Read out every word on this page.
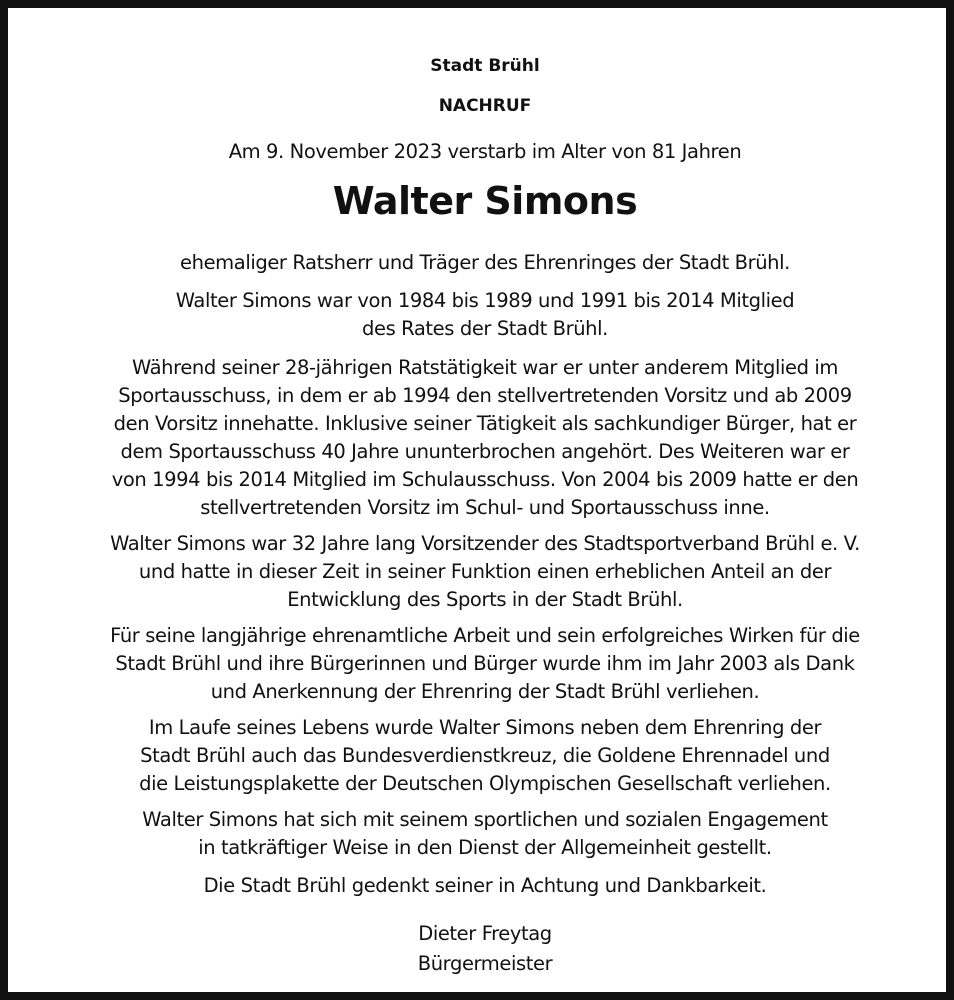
Stadt Brühl
NACHRUF
Am 9. November 2023 verstarb im Alter von 81 Jahren
Walter Simons
ehemaliger Ratsherr und Träger des Ehrenringes der Stadt Brühl.
Walter Simons war von 1984 bis 1989 und 1991 bis 2014 Mitglied
des Rates der Stadt Brühl.
Während seiner 28-jährigen Ratstätigkeit war er unter anderem Mitglied im
Sportausschuss, in dem er ab 1994 den stellvertretenden Vorsitz und ab 2009
den Vorsitz innehatte. Inklusive seiner Tätigkeit als sachkundiger Bürger, hat er
dem Sportausschuss 40 Jahre ununterbrochen angehört. Des Weiteren war er
von 1994 bis 2014 Mitglied im Schulausschuss. Von 2004 bis 2009 hatte er den
stellvertretenden Vorsitz im Schul- und Sportausschuss inne.
Walter Simons war 32 Jahre lang Vorsitzender des Stadtsportverband Brühl e. V.
und hatte in dieser Zeit in seiner Funktion einen erheblichen Anteil an der
Entwicklung des Sports in der Stadt Brühl.
Für seine langjährige ehrenamtliche Arbeit und sein erfolgreiches Wirken für die
Stadt Brühl und ihre Bürgerinnen und Bürger wurde ihm im Jahr 2003 als Dank
und Anerkennung der Ehrenring der Stadt Brühl verliehen.
Im Laufe seines Lebens wurde Walter Simons neben dem Ehrenring der
Stadt Brühl auch das Bundesverdienstkreuz, die Goldene Ehrennadel und
die Leistungsplakette der Deutschen Olympischen Gesellschaft verliehen.
Walter Simons hat sich mit seinem sportlichen und sozialen Engagement
in tatkräftiger Weise in den Dienst der Allgemeinheit gestellt.
Die Stadt Brühl gedenkt seiner in Achtung und Dankbarkeit.
Dieter Freytag
Bürgermeister
